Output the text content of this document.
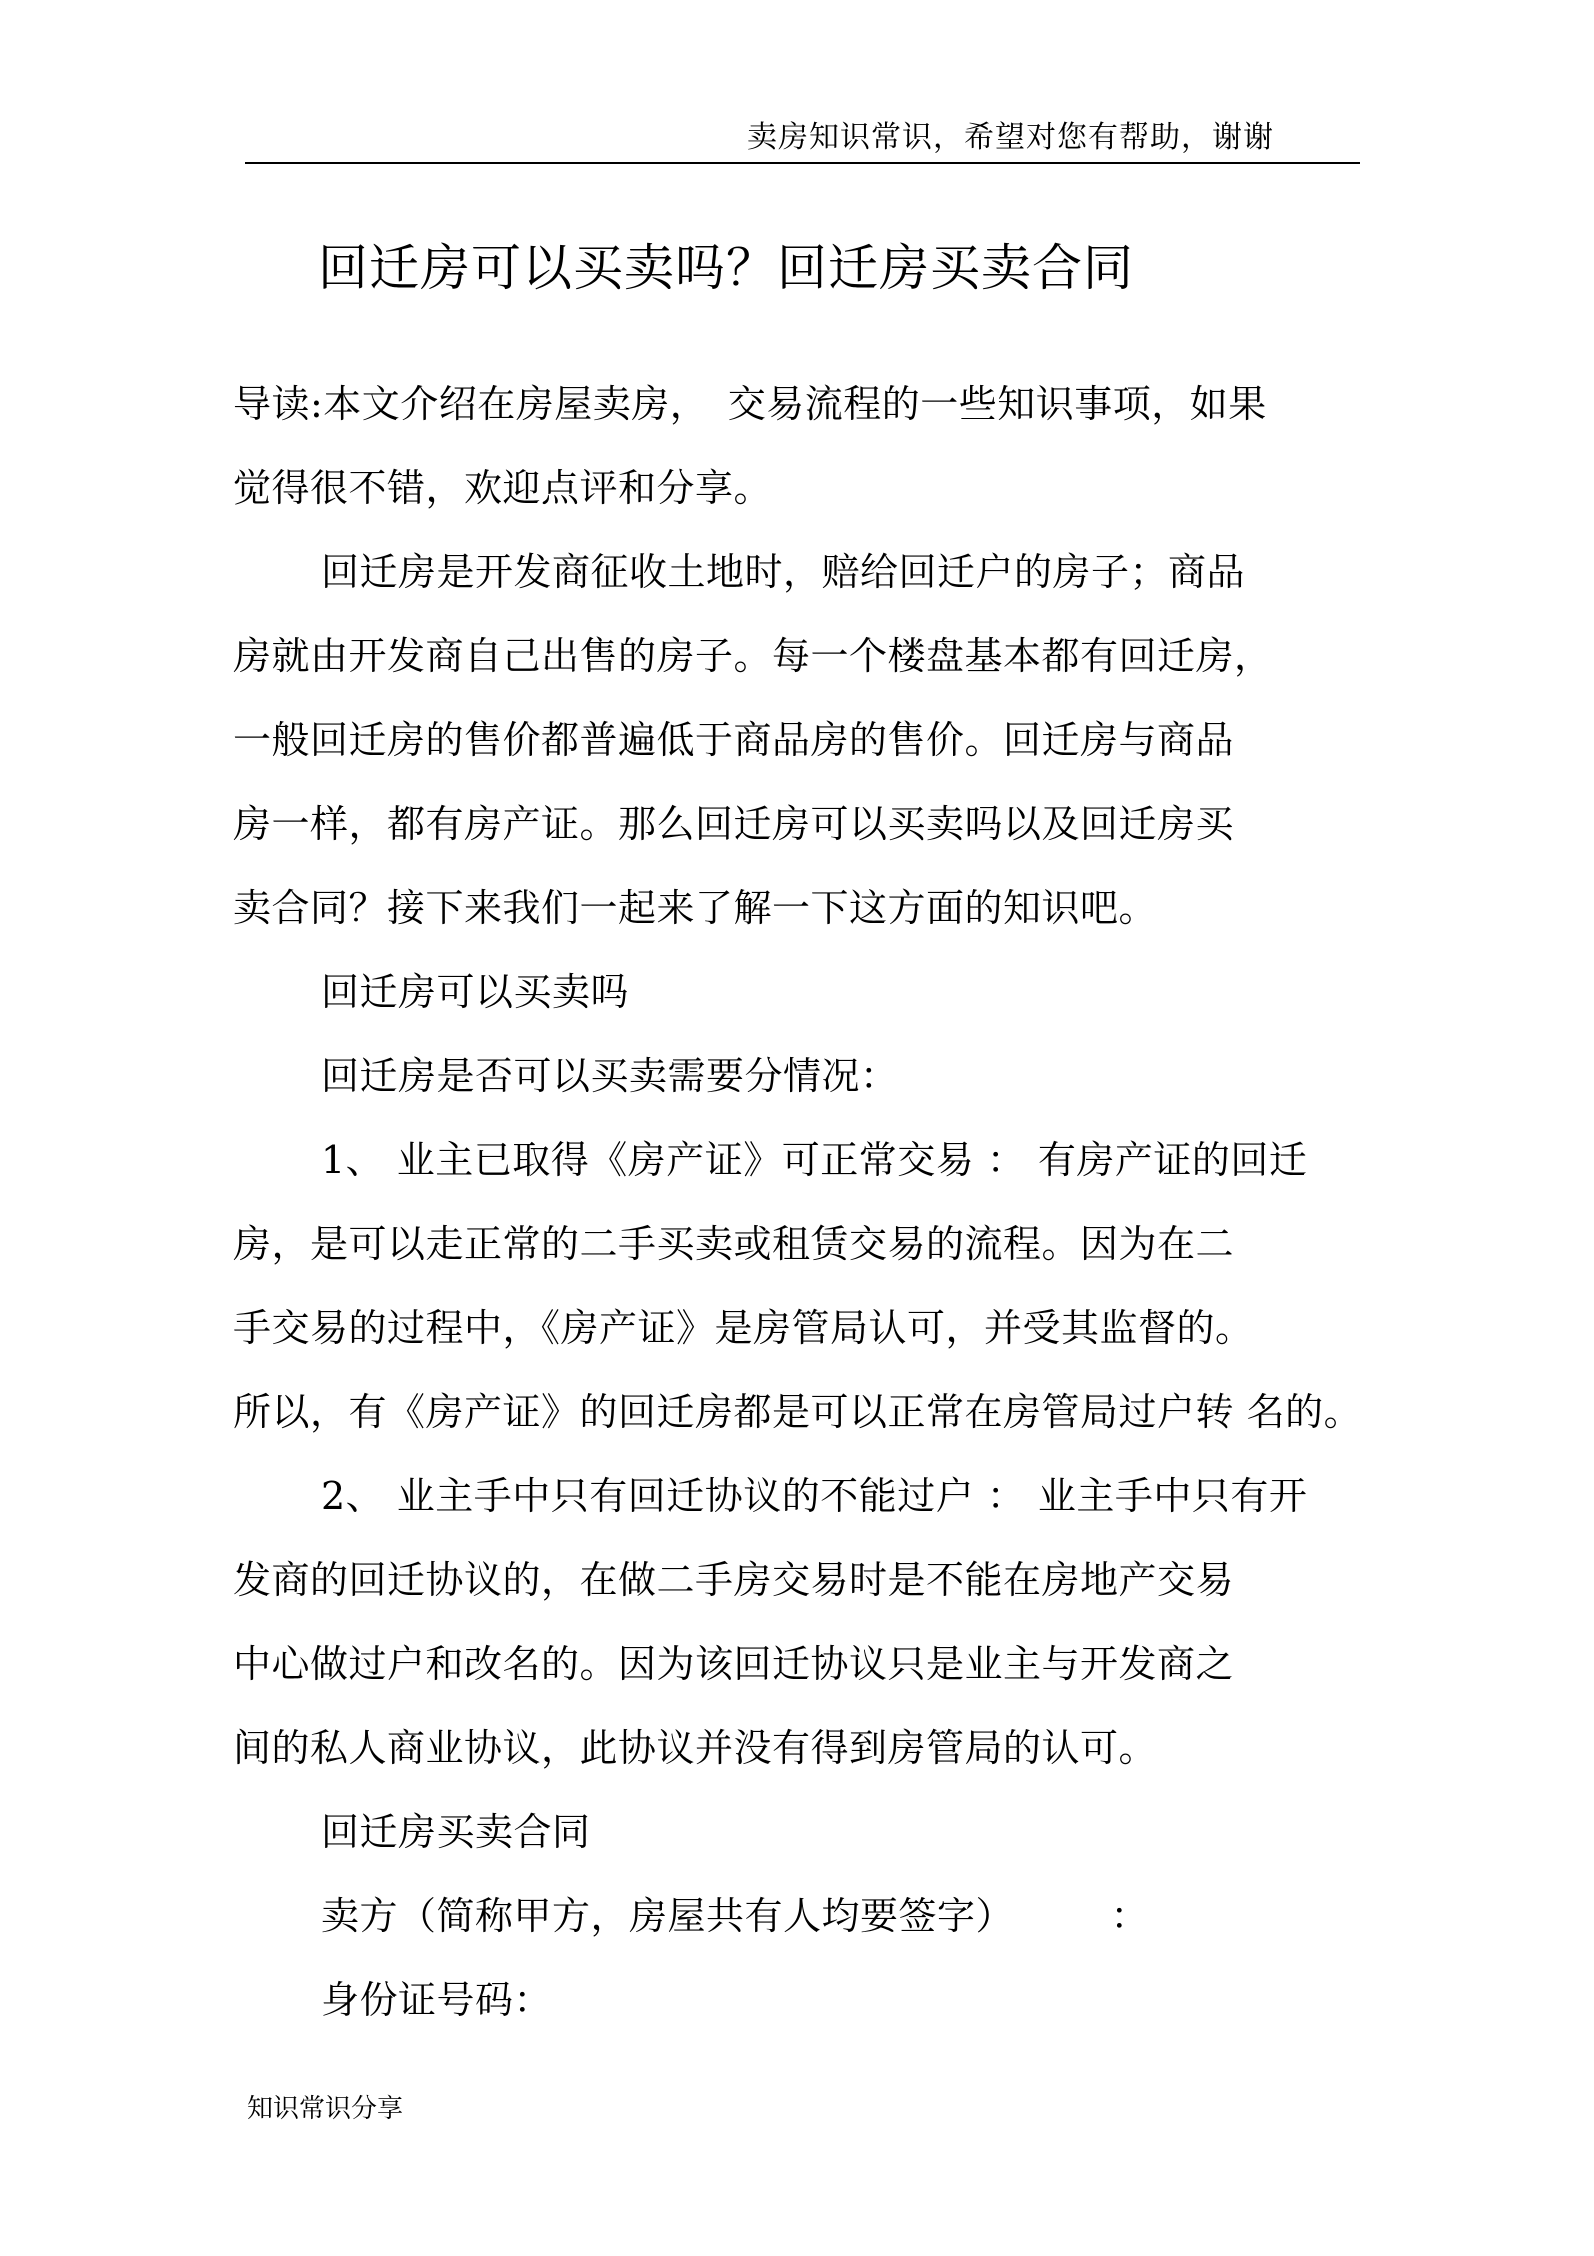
卖房知识常识，希望对您有帮助，谢谢
回迁房可以买卖吗？回迁房买卖合同
导读:本文介绍在房屋卖房，　交易流程的一些知识事项，如果
觉得很不错，欢迎点评和分享。
回迁房是开发商征收土地时，赔给回迁户的房子；商品
房就由开发商自己出售的房子。每一个楼盘基本都有回迁房，
一般回迁房的售价都普遍低于商品房的售价。回迁房与商品
房一样，都有房产证。那么回迁房可以买卖吗以及回迁房买
卖合同？接下来我们一起来了解一下这方面的知识吧。
回迁房可以买卖吗
回迁房是否可以买卖需要分情况：
1、 业主已取得《房产证》可正常交易 ： 有房产证的回迁
房，是可以走正常的二手买卖或租赁交易的流程。因为在二
手交易的过程中，《房产证》是房管局认可，并受其监督的。
所以，有《房产证》的回迁房都是可以正常在房管局过户转 名的。
2、 业主手中只有回迁协议的不能过户 ： 业主手中只有开
发商的回迁协议的，在做二手房交易时是不能在房地产交易
中心做过户和改名的。因为该回迁协议只是业主与开发商之
间的私人商业协议，此协议并没有得到房管局的认可。
回迁房买卖合同
卖方（简称甲方，房屋共有人均要签字）　　　：
身份证号码：
知识常识分享
